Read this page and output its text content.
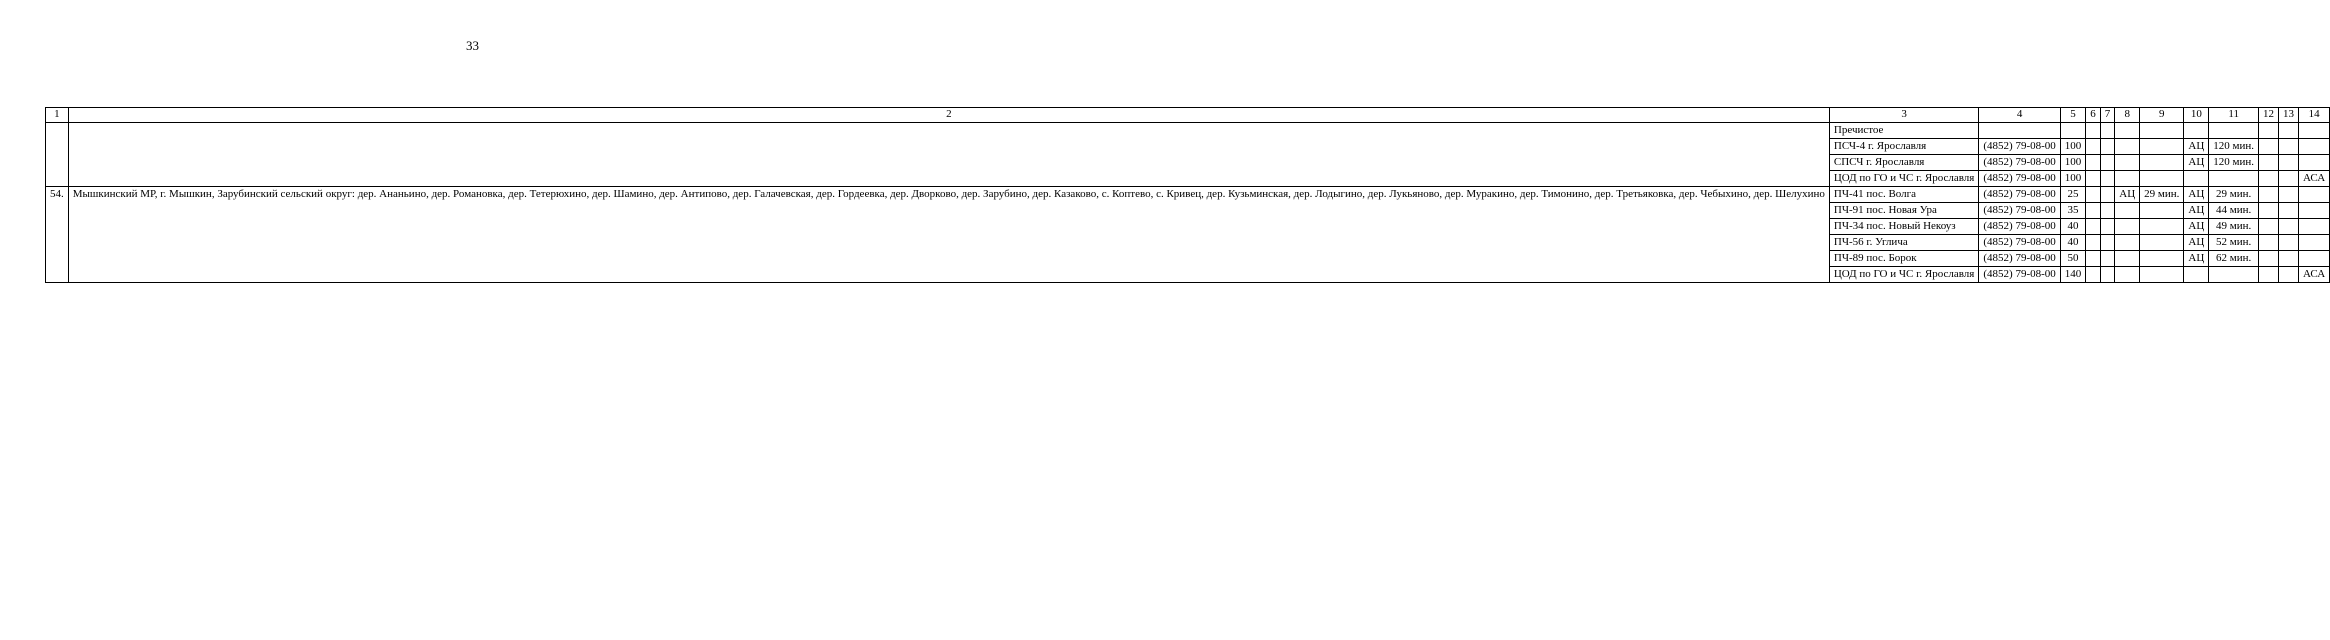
33
1	2	3	4	5	6	7	8	9	10	11	12	13	14
		Пречистое											
		ПСЧ-4 г. Ярославля	(4852) 79-08-00	100					АЦ	120 мин.			
		СПСЧ г. Ярославля	(4852) 79-08-00	100					АЦ	120 мин.			
		ЦОД по ГО и ЧС г. Ярославля	(4852) 79-08-00	100									АСА
54.	Мышкинский МР, г. Мышкин, Зарубинский сельский округ: дер. Ананьино, дер. Романовка, дер. Тетерюхино, дер. Шамино, дер. Антипово, дер. Галачевская, дер. Гордеевка, дер. Дворково, дер. Зарубино, дер. Казаково, с. Коптево, с. Кривец, дер. Кузьминская, дер. Лодыгино, дер. Лукьяново, дер. Муракино, дер. Тимонино, дер. Третьяковка, дер. Чебыхино, дер. Шелухино	ПЧ-41 пос. Волга	(4852) 79-08-00	25			АЦ	29 мин.	АЦ	29 мин.			
		ПЧ-91 пос. Новая Ура	(4852) 79-08-00	35					АЦ	44 мин.			
		ПЧ-34 пос. Новый Некоуз	(4852) 79-08-00	40					АЦ	49 мин.			
		ПЧ-56 г. Углича	(4852) 79-08-00	40					АЦ	52 мин.			
		ПЧ-89 пос. Борок	(4852) 79-08-00	50					АЦ	62 мин.			
		ЦОД по ГО и ЧС г. Ярославля	(4852) 79-08-00	140									АСА
